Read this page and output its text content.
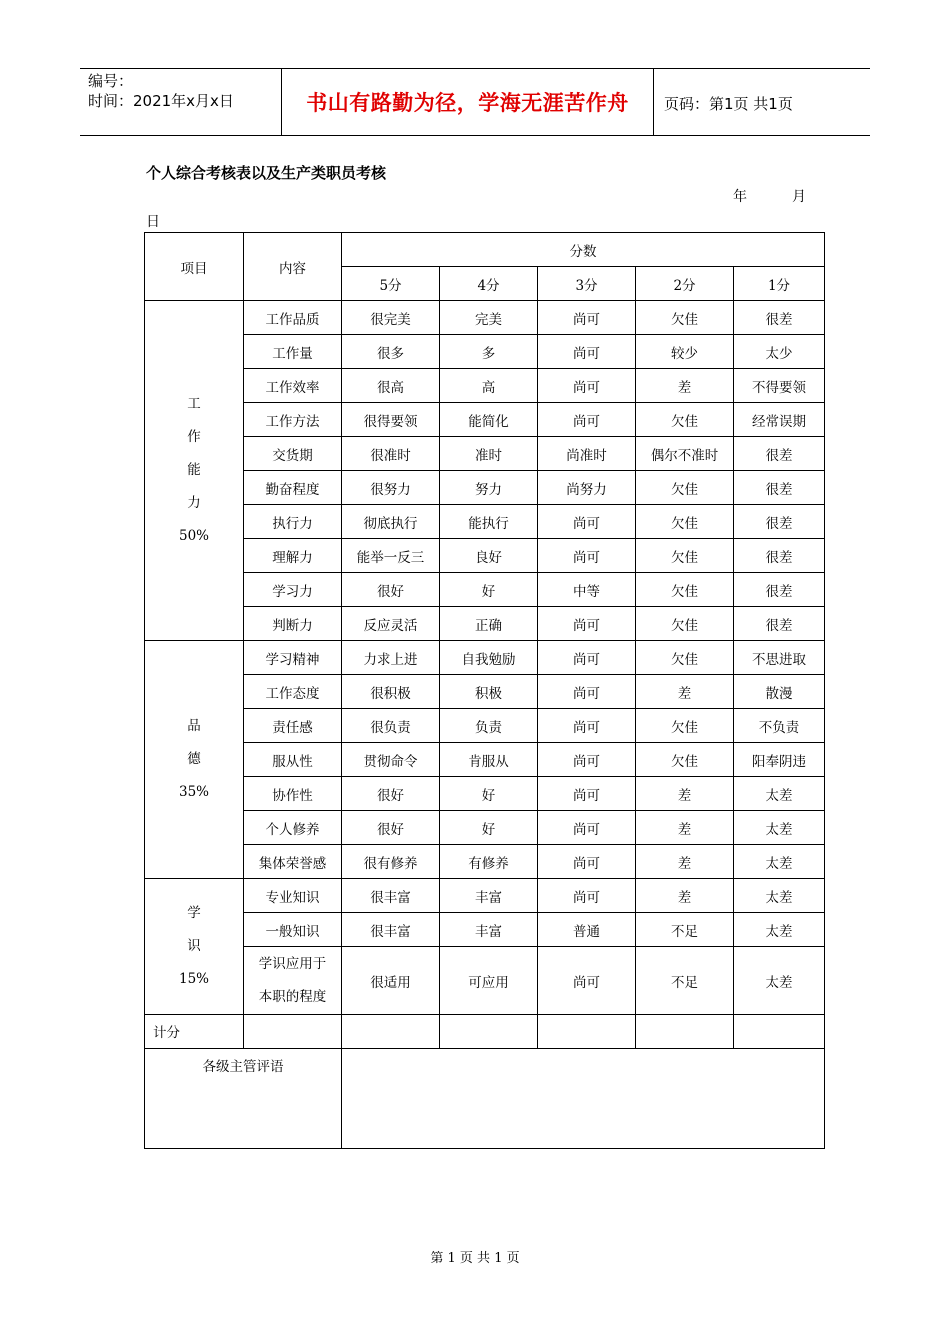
编号：
时间：2021年x月x日	书山有路勤为径，学海无涯苦作舟	页码：第1页 共1页
个人综合考核表以及生产类职员考核
年	月
日
项目	内容	分数				
		5分	4分	3分	2分	1分

工
作
能
力
50%	工作品质	很完美	完美	尚可	欠佳	很差
	工作量	很多	多	尚可	较少	太少
	工作效率	很高	高	尚可	差	不得要领
	工作方法	很得要领	能简化	尚可	欠佳	经常误期
	交货期	很准时	准时	尚准时	偶尔不准时	很差
	勤奋程度	很努力	努力	尚努力	欠佳	很差
	执行力	彻底执行	能执行	尚可	欠佳	很差
	理解力	能举一反三	良好	尚可	欠佳	很差
	学习力	很好	好	中等	欠佳	很差
	判断力	反应灵活	正确	尚可	欠佳	很差

品
德
35%	学习精神	力求上进	自我勉励	尚可	欠佳	不思进取
	工作态度	很积极	积极	尚可	差	散漫
	责任感	很负责	负责	尚可	欠佳	不负责
	服从性	贯彻命令	肯服从	尚可	欠佳	阳奉阴违
	协作性	很好	好	尚可	差	太差
	个人修养	很好	好	尚可	差	太差
	集体荣誉感	很有修养	有修养	尚可	差	太差

学
识
15%	专业知识	很丰富	丰富	尚可	差	太差
	一般知识	很丰富	丰富	普通	不足	太差

	学识应用于
本职的程度	很适用	可应用	尚可	不足	太差
计分						
各级主管评语						
第 1 页 共 1 页
